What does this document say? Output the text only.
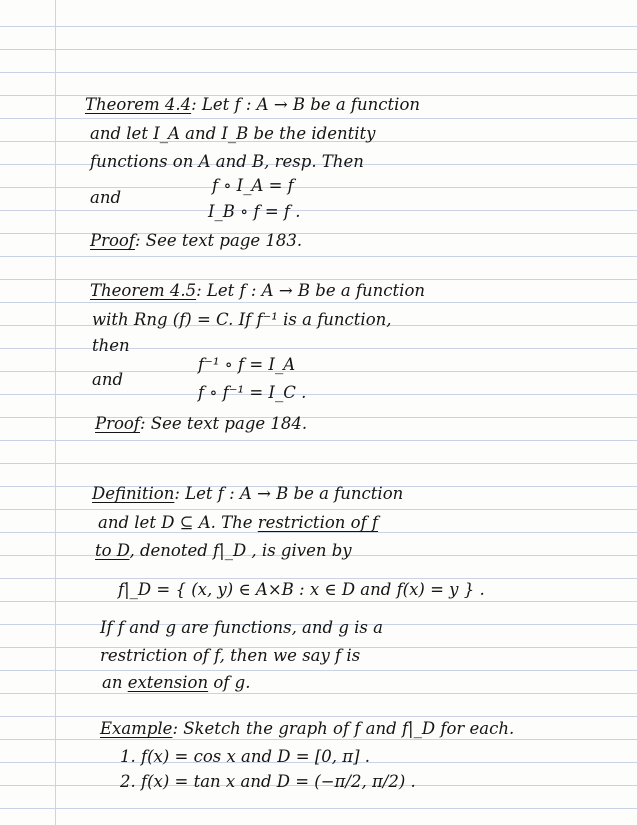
Theorem 4.4: Let f : A → B be a function
and let I_A and I_B be the identity
functions on A and B, resp. Then
and
f ∘ I_A = f
I_B ∘ f = f .
Proof: See text page 183.
Theorem 4.5: Let f : A → B be a function
with Rng (f) = C. If f⁻¹ is a function,
then
and
f⁻¹ ∘ f = I_A
f ∘ f⁻¹ = I_C .
Proof: See text page 184.
Definition: Let f : A → B be a function
and let D ⊆ A. The restriction of f
to D, denoted f|_D , is given by
f|_D = { (x, y) ∈ A×B : x ∈ D and f(x) = y } .
If f and g are functions, and g is a
restriction of f, then we say f is
an extension of g.
Example: Sketch the graph of f and f|_D for each.
1. f(x) = cos x and D = [0, π] .
2. f(x) = tan x and D = (−π/2, π/2) .
